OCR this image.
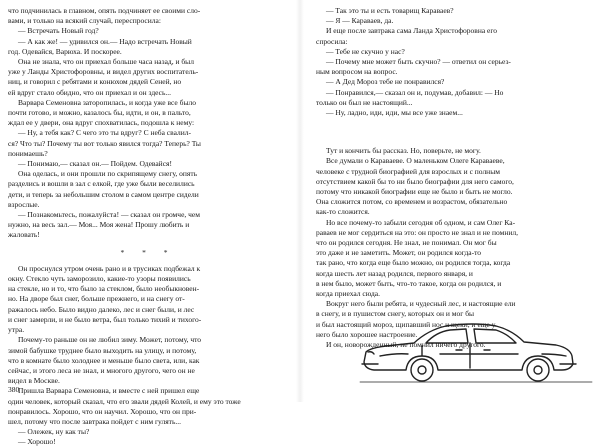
что подчинилась в главном, опять подчиняет ее своими сло-

вами, и только на всякий случай, переспросила:

— Встречать Новый год?

— А как же! — удивился он.— Надо встречать Новый

год. Одевайся, Варюха. И поскорее.

Она не знала, что он приехал больше часа назад, и был

уже у Ланды Христофоровны, и видел других воспитатель-

ниц, и говорил с ребятами и конюхом дядей Сеней, но

ей вдруг стало обидно, что он приехал и он здесь...

Варвара Семеновна заторопилась, и когда уже все было

почти готово, и можно, казалось бы, идти, и он, в пальто,

ждал ее у двери, она вдруг спохватилась, подошла к нему:

— Ну, а тебя как? С чего это ты вдруг? С неба свалил-

ся? Что ты? Почему ты вот только явился тогда? Теперь? Ты

понимаешь?

— Понимаю,— сказал он.— Пойдем. Одевайся!

Она оделась, и они прошли по скрипящему снегу, опять

разделись и вошли в зал с елкой, где уже были веселились

дети, и теперь за небольшим столом в самом центре сидели

взрослые.

— Познакомьтесь, пожалуйста! — сказал он громче, чем

нужно, на весь зал.— Моя... Моя жена! Прошу любить и

жаловать!

* * *

Он проснулся утром очень рано и в трусиках подбежал к

окну. Стекло чуть заморозило, какие-то узоры появились

на стекле, но и то, что было за стеклом, было необыкновен-

но. На дворе был снег, больше прежнего, и на снегу от-

ражалось небо. Было видно далеко, лес и снег были, и лес

и снег замерли, и не было ветра, был только тихий и тихого-

утра.

Почему-то раньше он не любил зиму. Может, потому, что

зимой бабушке труднее было выходить на улицу, и потому,

что в комнате было холоднее и меньше было света, или, как

сейчас, и этого леса не знал, и многого другого, чего он не

видел в Москве.

Пришла Варвара Семеновна, и вместе с ней пришел еще

один человек, который сказал, что его звали дядей Колей, и ему это тоже

понравилось. Хорошо, что он научил. Хорошо, что он при-

шел, потому что после завтрака пойдет с ним гулять...

— Олежек, ну как ты?

— Хорошо!

— Так это ты и есть товарищ Караваев?

— Я — Караваев, да.

И еще после завтрака сама Ланда Христофоровна его

спросила:

— Тебе не скучно у нас?

— Почему мне может быть скучно? — ответил он серьез-

ным вопросом на вопрос.

— А Дед Мороз тебе не понравился?

— Понравился,— сказал он и, подумав, добавил: — Но

только он был не настоящий...

— Ну, ладно, иди, иди, мы все уже знаем...

Тут и кончить бы рассказ. Но, поверьте, не могу.

Все думали о Караваеве. О маленьком Олеге Караваеве,

человеке с трудной биографией для взрослых и с полным

отсутствием какой бы то ни было биографии для него самого,

потому что никакой биографии еще не было и быть не могло.

Она сложится потом, со временем и возрастом, обязательно

как-то сложится.

Но все почему-то забыли сегодня об одном, и сам Олег Ка-

раваев не мог сердиться на это: он просто не знал и не помнил,

что он родился сегодня. Не знал, не понимал. Он мог бы

это даже и не заметить. Может, он родился когда-то

так рано, что когда еще было можно, он родился тогда, когда

когда шесть лет назад родился, первого января, и

в нем было, может быть, что-то такое, когда он родился, и

когда приехал сюда.

Вокруг него были ребята, и чудесный лес, и настоящие ели

в снегу, и в пушистом снегу, которых он и мог бы

и был настоящий мороз, щипавший нос и щеки, и еще у

него было хорошее настроение.

И он, новорожденный, не помнил ничего другого.

380
